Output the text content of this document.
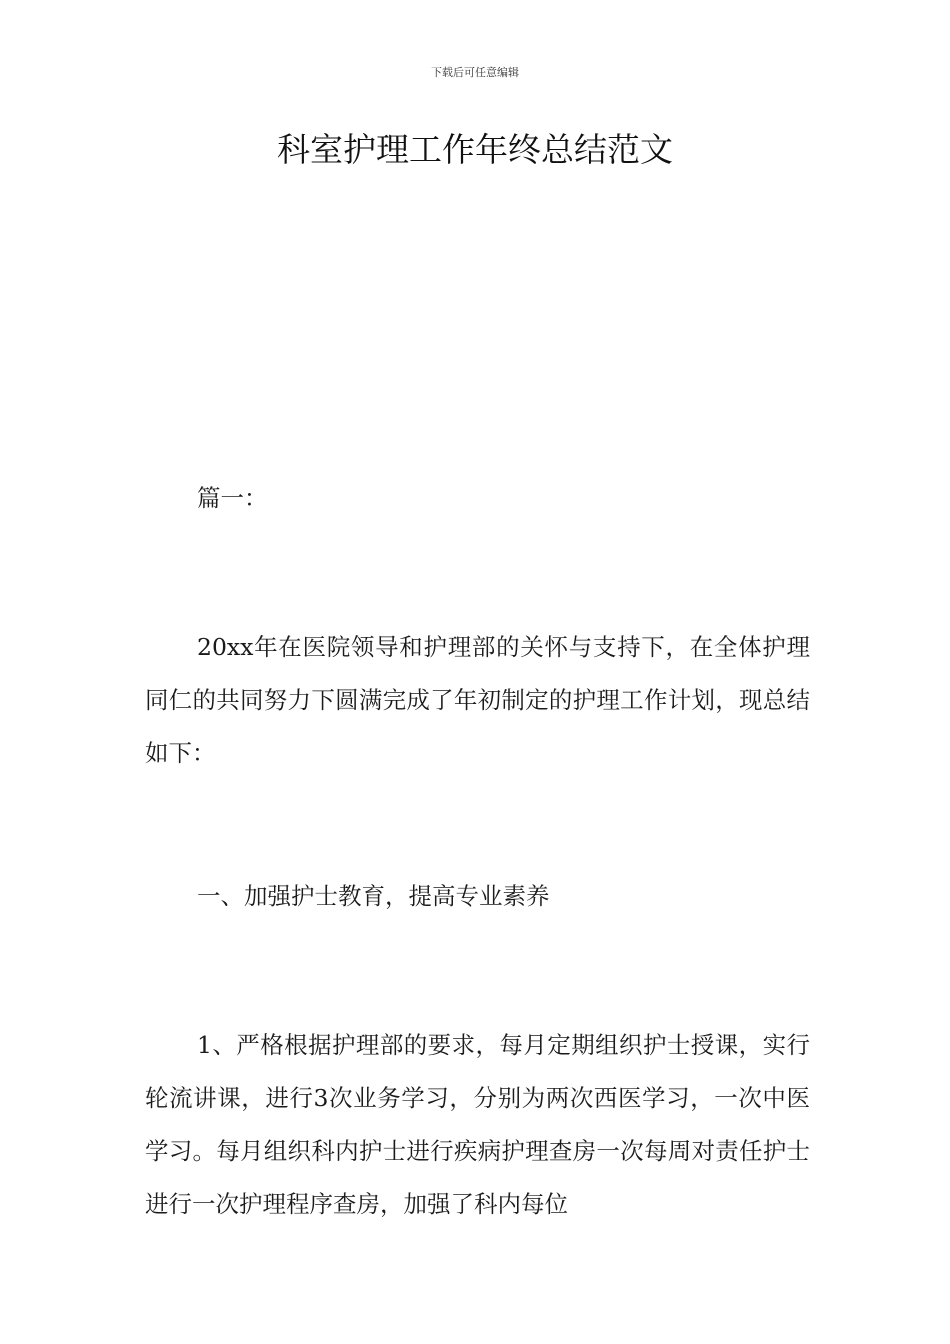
下载后可任意编辑
科室护理工作年终总结范文

篇一：

20xx年在医院领导和护理部的关怀与支持下，在全体护理同仁的共同努力下圆满完成了年初制定的护理工作计划，现总结如下：

一、加强护士教育，提高专业素养

1、严格根据护理部的要求，每月定期组织护士授课，实行轮流讲课，进行3次业务学习，分别为两次西医学习，一次中医学习。每月组织科内护士进行疾病护理查房一次每周对责任护士进行一次护理程序查房，加强了科内每位
